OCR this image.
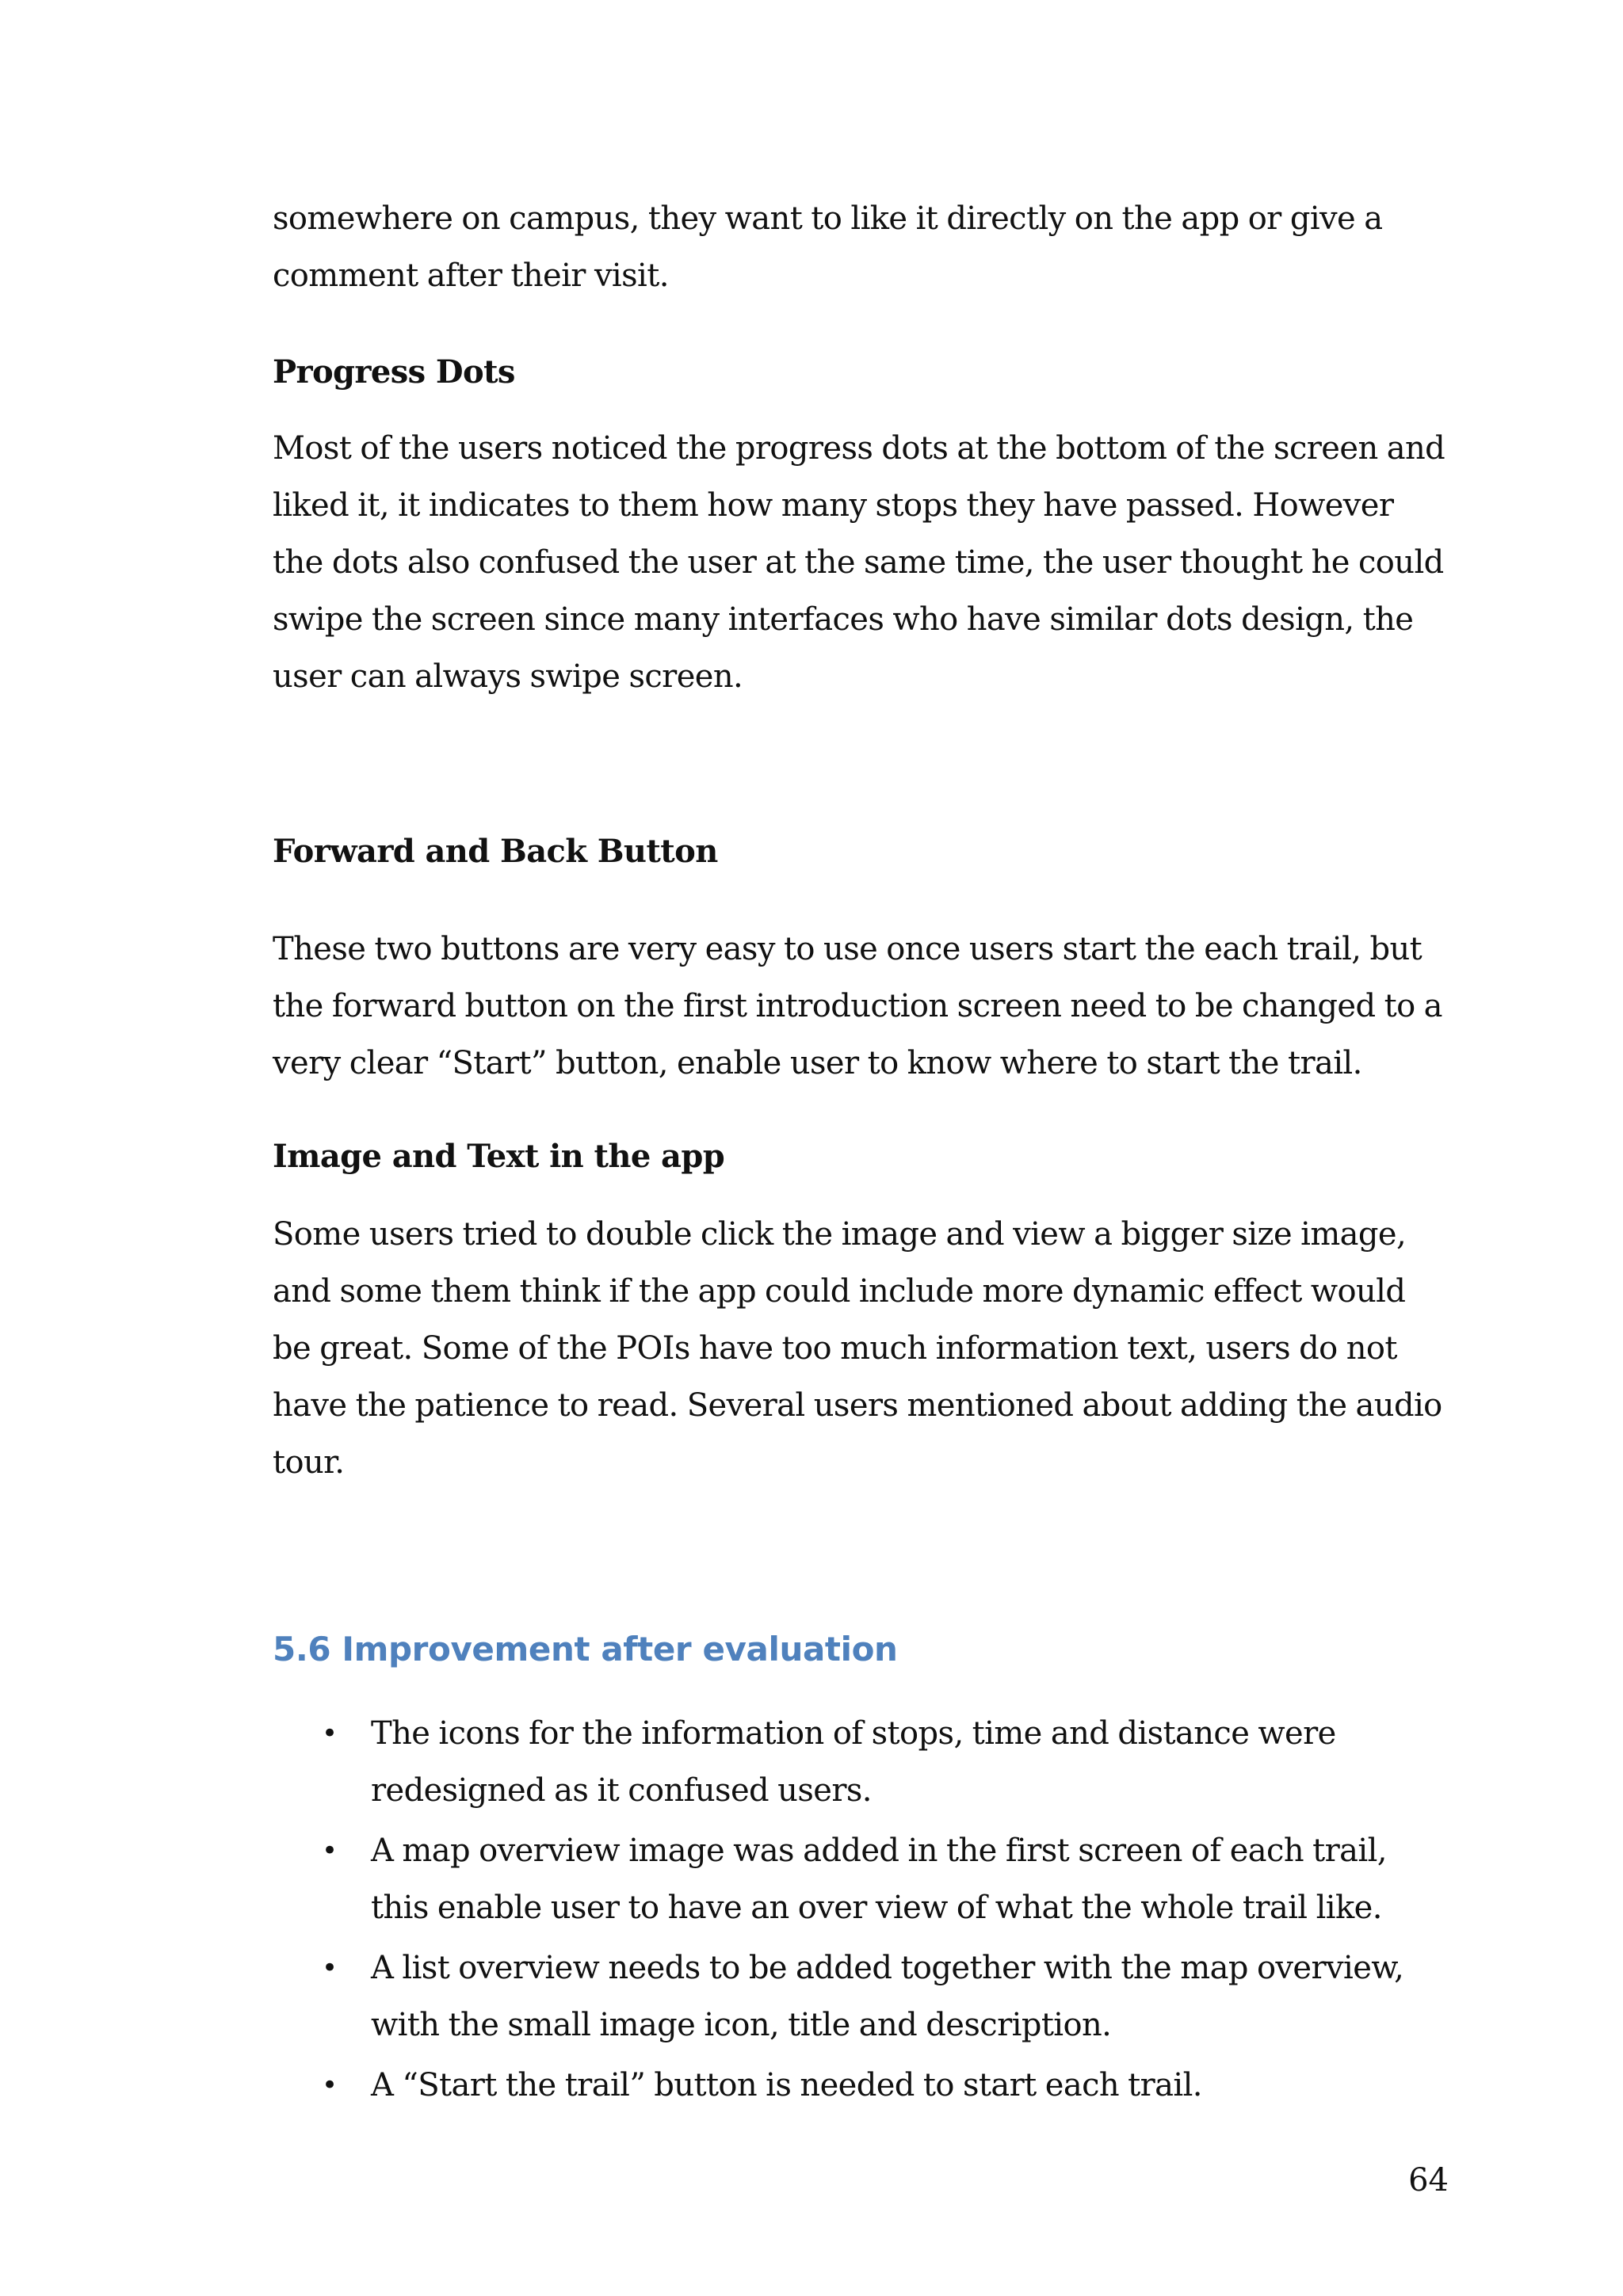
somewhere on campus, they want to like it directly on the app or give a comment after their visit.

Progress Dots

Most of the users noticed the progress dots at the bottom of the screen and liked it, it indicates to them how many stops they have passed. However the dots also confused the user at the same time, the user thought he could swipe the screen since many interfaces who have similar dots design, the user can always swipe screen.

Forward and Back Button

These two buttons are very easy to use once users start the each trail, but the forward button on the first introduction screen need to be changed to a very clear “Start” button, enable user to know where to start the trail.

Image and Text in the app

Some users tried to double click the image and view a bigger size image, and some them think if the app could include more dynamic effect would be great. Some of the POIs have too much information text, users do not have the patience to read. Several users mentioned about adding the audio tour.

5.6 Improvement after evaluation
• The icons for the information of stops, time and distance were redesigned as it confused users.
• A map overview image was added in the first screen of each trail, this enable user to have an over view of what the whole trail like.
• A list overview needs to be added together with the map overview, with the small image icon, title and description.
• A “Start the trail” button is needed to start each trail.
64
